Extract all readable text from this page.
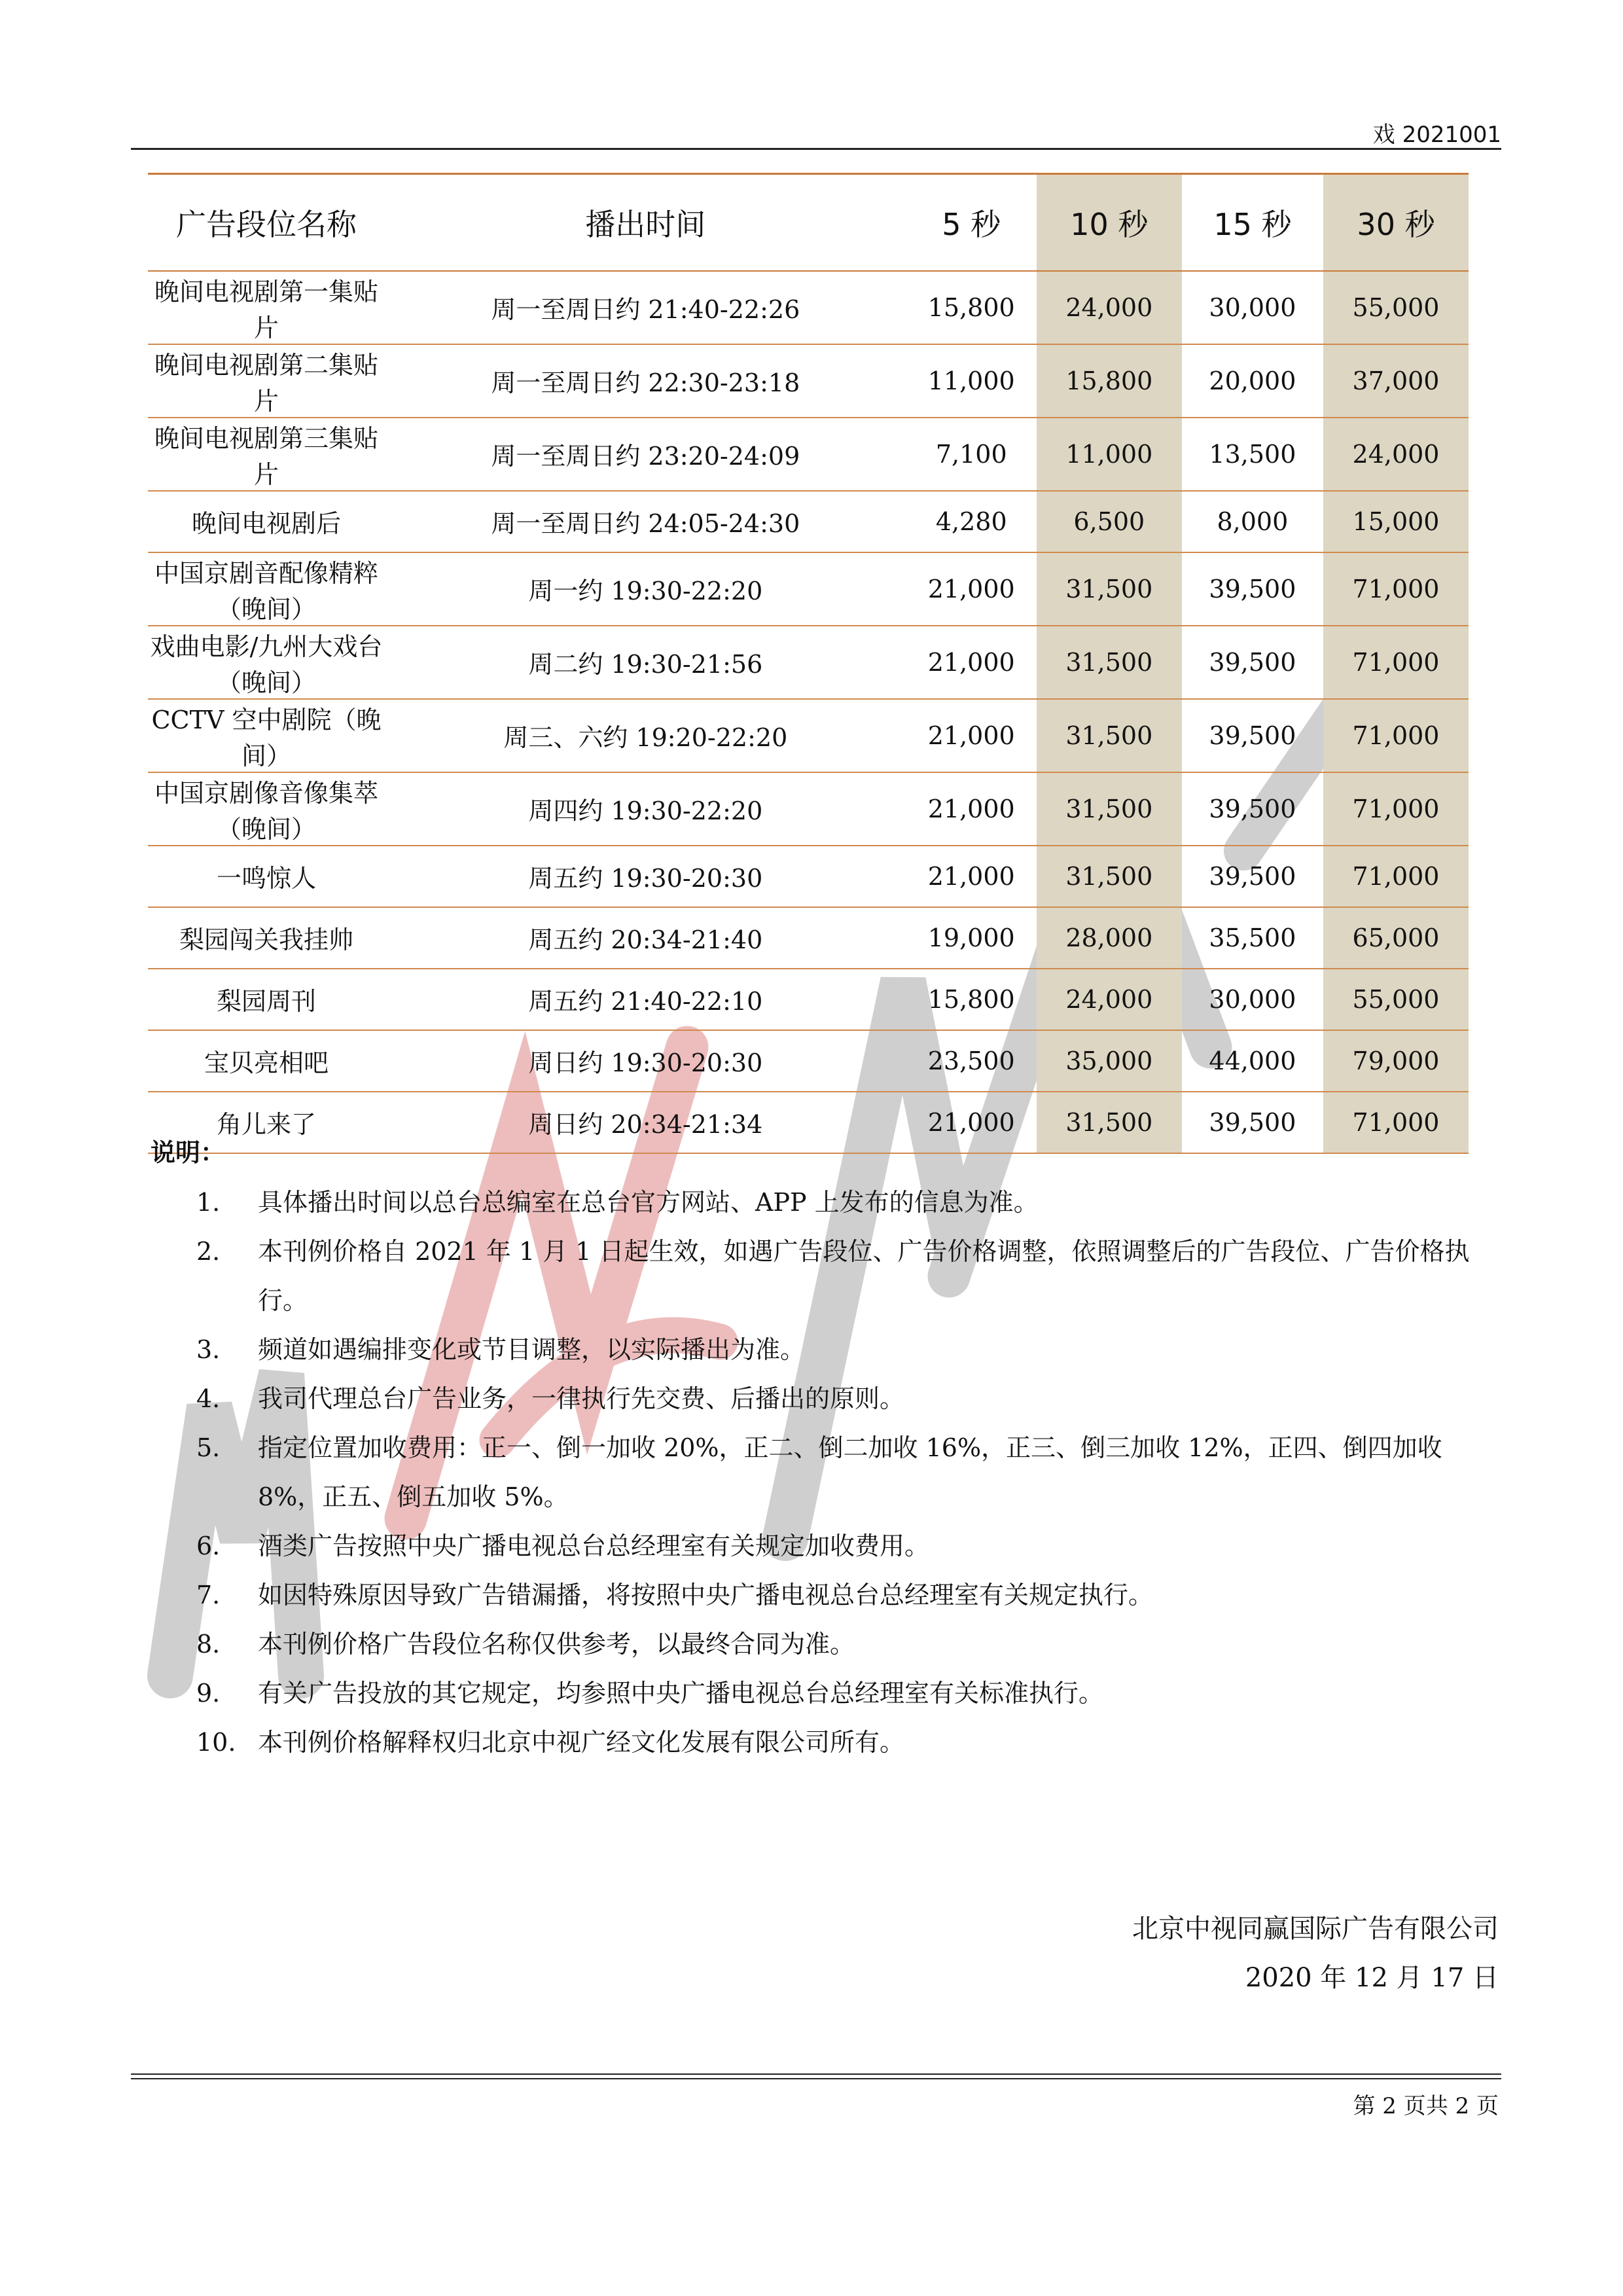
戏 2021001
广告段位名称	播出时间	5 秒	10 秒	15 秒	30 秒
晚间电视剧第一集贴片	周一至周日约 21:40-22:26	15,800	24,000	30,000	55,000
晚间电视剧第二集贴片	周一至周日约 22:30-23:18	11,000	15,800	20,000	37,000
晚间电视剧第三集贴片	周一至周日约 23:20-24:09	7,100	11,000	13,500	24,000
晚间电视剧后	周一至周日约 24:05-24:30	4,280	6,500	8,000	15,000
中国京剧音配像精粹（晚间）	周一约 19:30-22:20	21,000	31,500	39,500	71,000
戏曲电影/九州大戏台（晚间）	周二约 19:30-21:56	21,000	31,500	39,500	71,000
CCTV 空中剧院（晚间）	周三、六约 19:20-22:20	21,000	31,500	39,500	71,000
中国京剧像音像集萃（晚间）	周四约 19:30-22:20	21,000	31,500	39,500	71,000
一鸣惊人	周五约 19:30-20:30	21,000	31,500	39,500	71,000
梨园闯关我挂帅	周五约 20:34-21:40	19,000	28,000	35,500	65,000
梨园周刊	周五约 21:40-22:10	15,800	24,000	30,000	55,000
宝贝亮相吧	周日约 19:30-20:30	23,500	35,000	44,000	79,000
角儿来了	周日约 20:34-21:34	21,000	31,500	39,500	71,000
说明：
1.	具体播出时间以总台总编室在总台官方网站、APP 上发布的信息为准。
2.	本刊例价格自 2021 年 1 月 1 日起生效，如遇广告段位、广告价格调整，依照调整后的广告段位、广告价格执行。
3.	频道如遇编排变化或节目调整，以实际播出为准。
4.	我司代理总台广告业务，一律执行先交费、后播出的原则。
5.	指定位置加收费用：正一、倒一加收 20%，正二、倒二加收 16%，正三、倒三加收 12%，正四、倒四加收 8%，正五、倒五加收 5%。
6.	酒类广告按照中央广播电视总台总经理室有关规定加收费用。
7.	如因特殊原因导致广告错漏播，将按照中央广播电视总台总经理室有关规定执行。
8.	本刊例价格广告段位名称仅供参考，以最终合同为准。
9.	有关广告投放的其它规定，均参照中央广播电视总台总经理室有关标准执行。
10. 本刊例价格解释权归北京中视广经文化发展有限公司所有。
北京中视同赢国际广告有限公司
2020 年 12 月 17 日
第 2 页共 2 页
